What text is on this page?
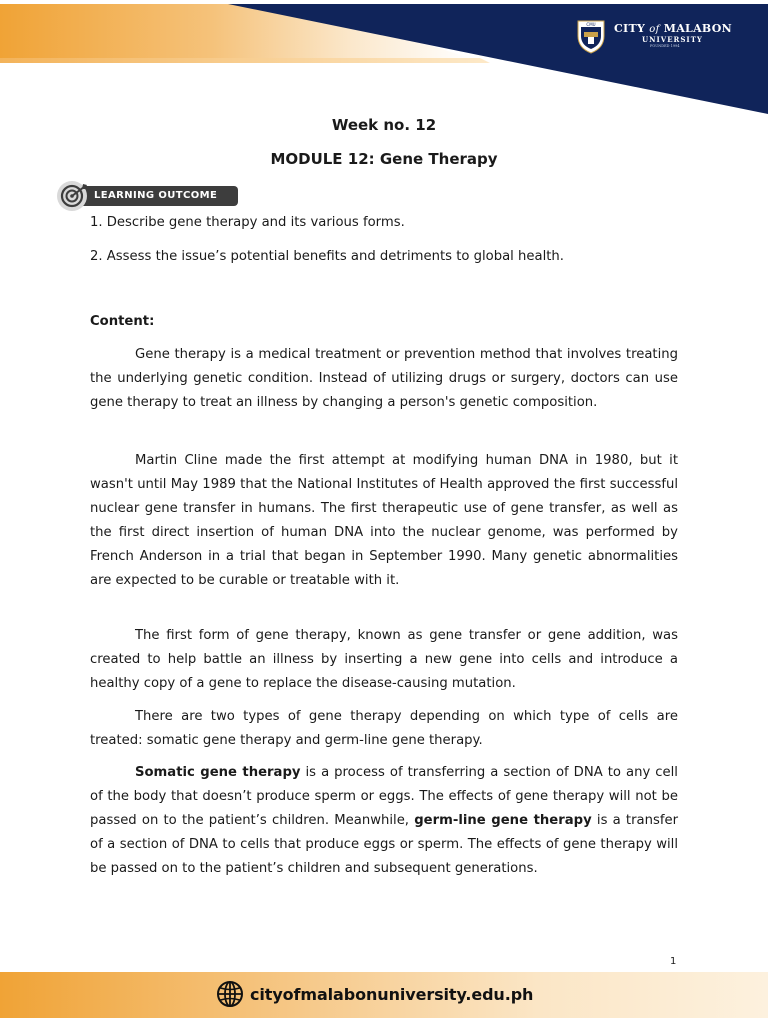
CMU CITY of MALABON
UNIVERSITY
FOUNDED 1994
Week no. 12
MODULE 12: Gene Therapy
LEARNING OUTCOME
1. Describe gene therapy and its various forms.
2. Assess the issue’s potential benefits and detriments to global health.
Content:

Gene therapy is a medical treatment or prevention method that involves treating the underlying genetic condition. Instead of utilizing drugs or surgery, doctors can use gene therapy to treat an illness by changing a person's genetic composition.

Martin Cline made the first attempt at modifying human DNA in 1980, but it wasn't until May 1989 that the National Institutes of Health approved the first successful nuclear gene transfer in humans. The first therapeutic use of gene transfer, as well as the first direct insertion of human DNA into the nuclear genome, was performed by French Anderson in a trial that began in September 1990. Many genetic abnormalities are expected to be curable or treatable with it.

The first form of gene therapy, known as gene transfer or gene addition, was created to help battle an illness by inserting a new gene into cells and introduce a healthy copy of a gene to replace the disease-causing mutation.

There are two types of gene therapy depending on which type of cells are treated: somatic gene therapy and germ-line gene therapy.

Somatic gene therapy is a process of transferring a section of DNA to any cell of the body that doesn’t produce sperm or eggs. The effects of gene therapy will not be passed on to the patient’s children. Meanwhile, germ-line gene therapy is a transfer of a section of DNA to cells that produce eggs or sperm. The effects of gene therapy will be passed on to the patient’s children and subsequent generations.

1
cityofmalabonuniversity.edu.ph
